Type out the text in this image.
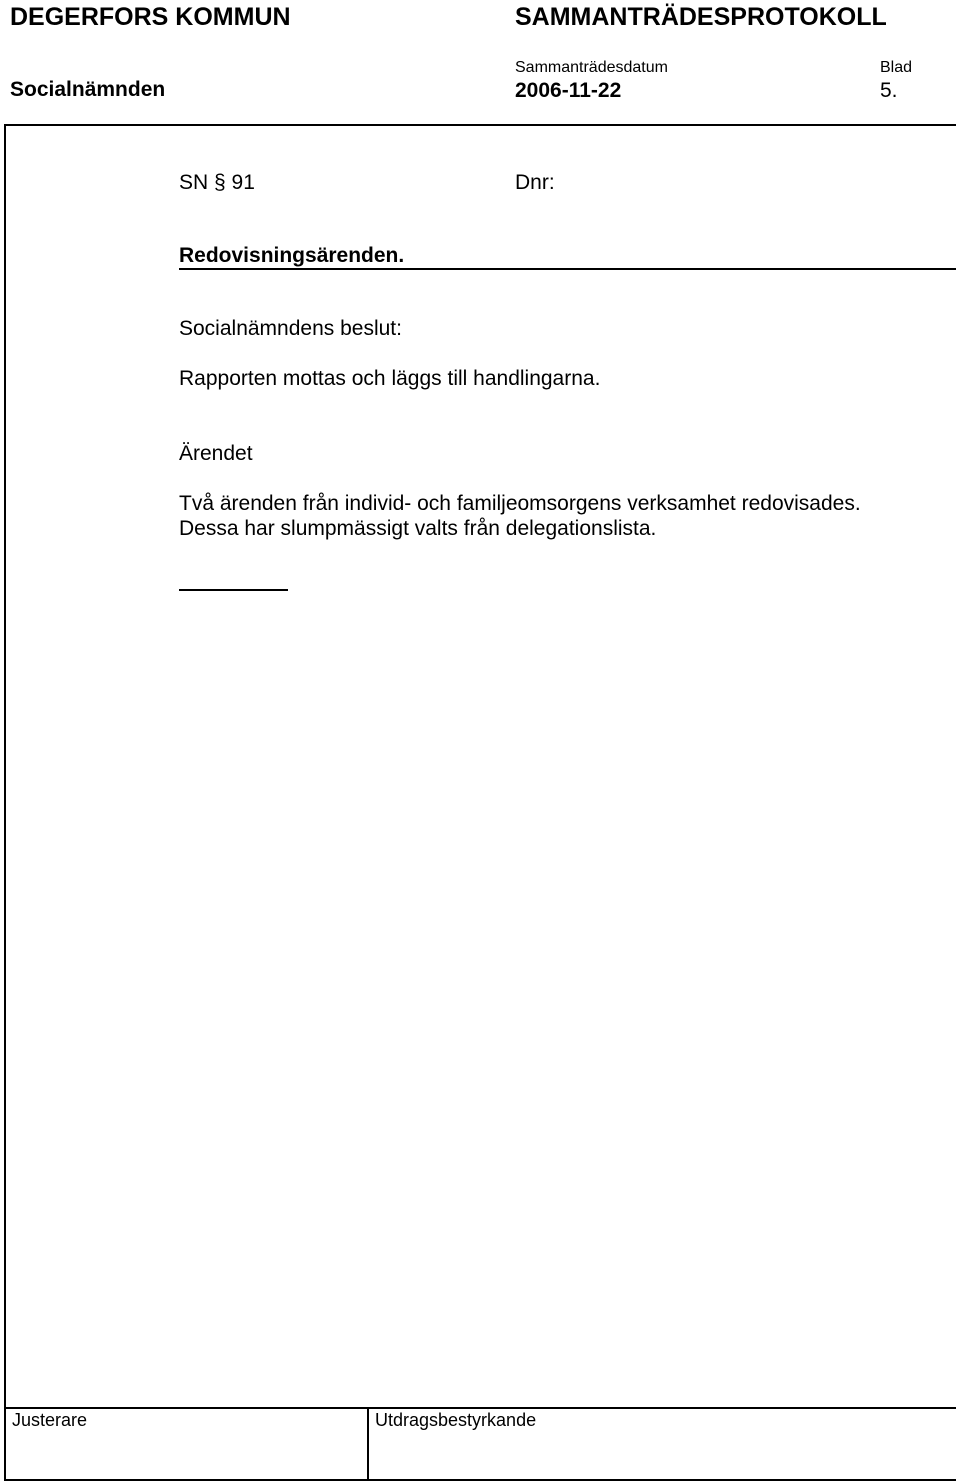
DEGERFORS KOMMUN	SAMMANTRÄDESPROTOKOLL
Socialnämnden
Sammanträdesdatum
2006-11-22
Blad
5.
SN § 91	Dnr:
Redovisningsärenden.
Socialnämndens beslut:
Rapporten mottas och läggs till handlingarna.
Ärendet
Två ärenden från individ- och familjeomsorgens verksamhet redovisades.
Dessa har slumpmässigt valts från delegationslista.
Justerare	Utdragsbestyrkande
